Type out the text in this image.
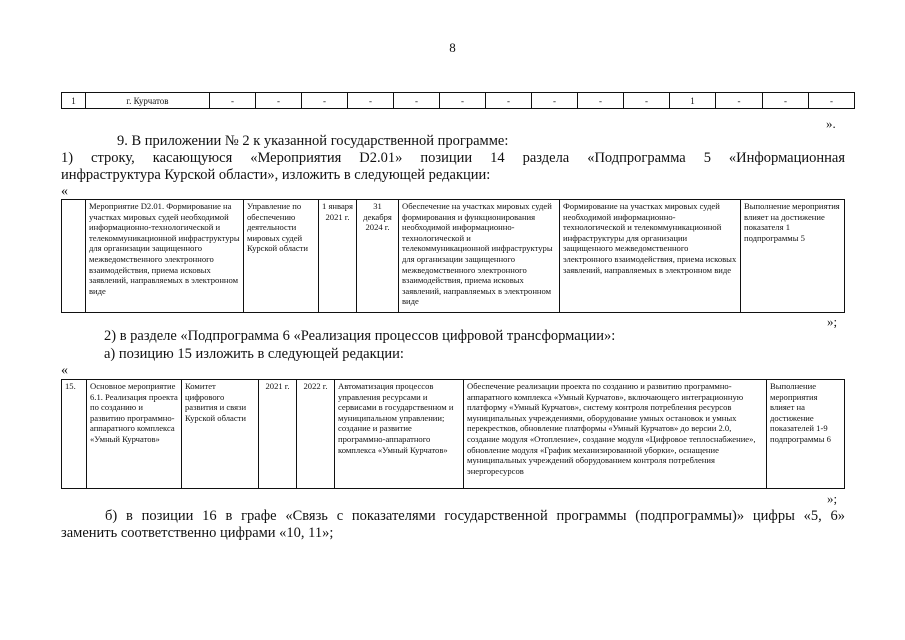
8
1	г. Курчатов	-	-	-	-	-	-	-	-	-	-	1	-	-	-
».
9. В приложении № 2 к указанной государственной программе:
1) строку, касающуюся «Мероприятия D2.01» позиции 14 раздела «Подпрограмма 5 «Информационная
инфраструктура Курской области», изложить в следующей редакции:
«
	Мероприятие D2.01. Формирование на участках мировых судей необходимой информационно-технологической и телекоммуникационной инфраструктуры для организации защищенного межведомственного электронного взаимодействия, приема исковых заявлений, направляемых в электронном виде	Управление по обеспечению деятельности мировых судей Курской области	1 января 2021 г.	31 декабря 2024 г.	Обеспечение на участках мировых судей формирования и функционирования необходимой информационно-технологической и телекоммуникационной инфраструктуры для организации защищенного межведомственного электронного взаимодействия, приема исковых заявлений, направляемых в электронном виде	Формирование на участках мировых судей необходимой информационно-технологической и телекоммуникационной инфраструктуры для организации защищенного межведомственного электронного взаимодействия, приема исковых заявлений, направляемых в электронном виде	Выполнение мероприятия влияет на достижение показателя 1 подпрограммы 5
»;
2) в разделе «Подпрограмма 6 «Реализация процессов цифровой трансформации»:
а) позицию 15 изложить в следующей редакции:
«
15.	Основное мероприятие 6.1. Реализация проекта по созданию и развитию программно-аппаратного комплекса «Умный Курчатов»	Комитет цифрового развития и связи Курской области	2021 г.	2022 г.	Автоматизация процессов управления ресурсами и сервисами в государственном и муниципальном управлении; создание и развитие программно-аппаратного комплекса «Умный Курчатов»	Обеспечение реализации проекта по созданию и развитию программно-аппаратного комплекса «Умный Курчатов», включающего интеграционную платформу «Умный Курчатов», систему контроля потребления ресурсов муниципальных учреждениями, оборудование умных остановок и умных перекрестков, обновление платформы «Умный Курчатов» до версии 2.0, создание модуля «Отопление», создание модуля «Цифровое теплоснабжение», обновление модуля «График механизированной уборки», оснащение муниципальных учреждений оборудованием контроля потребления энергоресурсов	Выполнение мероприятия влияет на достижение показателей 1-9 подпрограммы 6
»;
б) в позиции 16 в графе «Связь с показателями государственной программы (подпрограммы)» цифры «5, 6»
заменить соответственно цифрами «10, 11»;
